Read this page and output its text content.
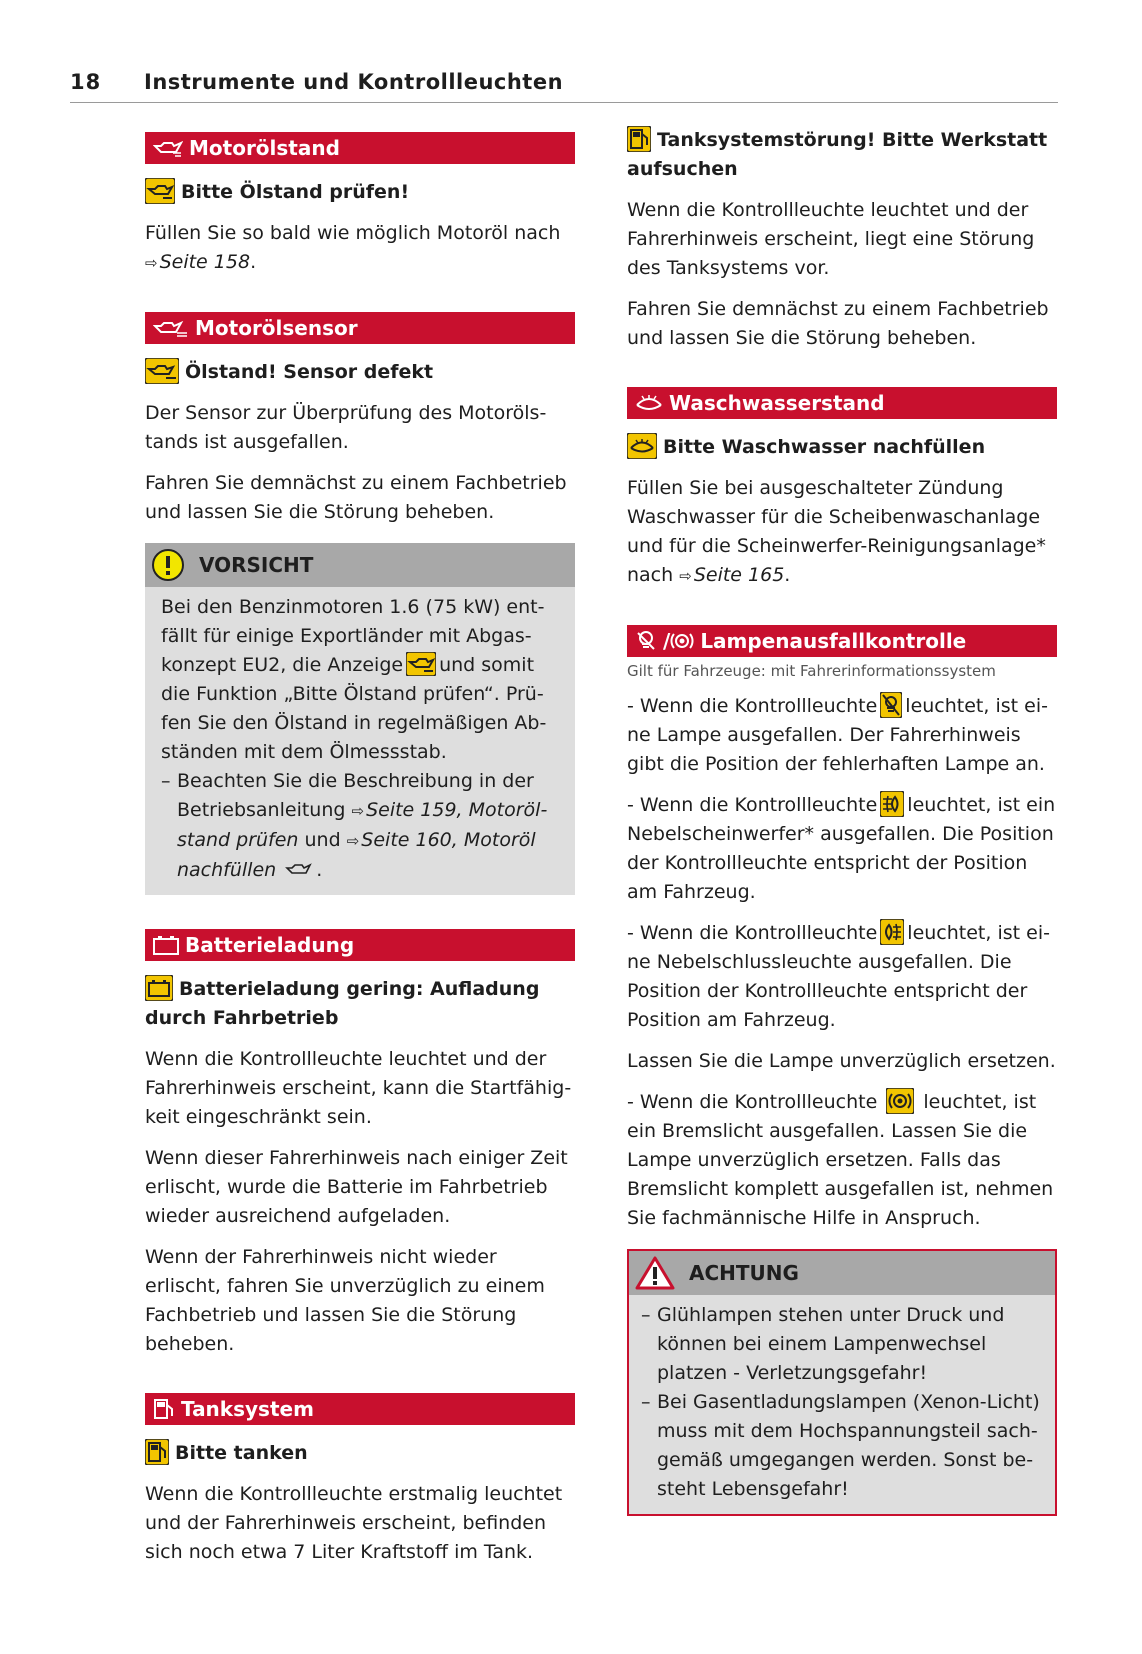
18 Instrumente und Kontrollleuchten
Motorölstand
Bitte Ölstand prüfen!

Füllen Sie so bald wie möglich Motoröl nach
⇨ Seite 158.

Motorölsensor
Ölstand! Sensor defekt

Der Sensor zur Überprüfung des Motorölstands ist ausgefallen.

Fahren Sie demnächst zu einem Fachbetrieb und lassen Sie die Störung beheben.

VORSICHT

Bei den Benzinmotoren 1.6 (75 kW) entfällt für einige Exportländer mit Abgaskonzept EU2, die Anzeige und somit die Funktion „Bitte Ölstand prüfen“. Prüfen Sie den Ölstand in regelmäßigen Abständen mit dem Ölmessstab.

– Beachten Sie die Beschreibung in der Betriebsanleitung ⇨ Seite 159, Motorölstand prüfen und ⇨ Seite 160, Motoröl nachfüllen .
Batterieladung
Batterieladung gering: Aufladung durch Fahrbetrieb

Wenn die Kontrollleuchte leuchtet und der Fahrerhinweis erscheint, kann die Startfähigkeit eingeschränkt sein.

Wenn dieser Fahrerhinweis nach einiger Zeit erlischt, wurde die Batterie im Fahrbetrieb wieder ausreichend aufgeladen.

Wenn der Fahrerhinweis nicht wieder erlischt, fahren Sie unverzüglich zu einem Fachbetrieb und lassen Sie die Störung beheben.

Tanksystem
Bitte tanken

Wenn die Kontrollleuchte erstmalig leuchtet und der Fahrerhinweis erscheint, befinden sich noch etwa 7 Liter Kraftstoff im Tank.

Tanksystemstörung! Bitte Werkstatt aufsuchen

Wenn die Kontrollleuchte leuchtet und der Fahrerhinweis erscheint, liegt eine Störung des Tanksystems vor.

Fahren Sie demnächst zu einem Fachbetrieb und lassen Sie die Störung beheben.

Waschwasserstand
Bitte Waschwasser nachfüllen

Füllen Sie bei ausgeschalteter Zündung Waschwasser für die Scheibenwaschanlage und für die Scheinwerfer-Reinigungsanlage* nach ⇨ Seite 165.

/ Lampenausfallkontrolle
Gilt für Fahrzeuge: mit Fahrerinformationssystem

- Wenn die Kontrollleuchte leuchtet, ist eine Lampe ausgefallen. Der Fahrerhinweis gibt die Position der fehlerhaften Lampe an.

- Wenn die Kontrollleuchte leuchtet, ist ein Nebelscheinwerfer* ausgefallen. Die Position der Kontrollleuchte entspricht der Position am Fahrzeug.

- Wenn die Kontrollleuchte leuchtet, ist eine Nebelschlussleuchte ausgefallen. Die Position der Kontrollleuchte entspricht der Position am Fahrzeug.

Lassen Sie die Lampe unverzüglich ersetzen.

- Wenn die Kontrollleuchte leuchtet, ist ein Bremslicht ausgefallen. Lassen Sie die Lampe unverzüglich ersetzen. Falls das Bremslicht komplett ausgefallen ist, nehmen Sie fachmännische Hilfe in Anspruch.

ACHTUNG
– Glühlampen stehen unter Druck und können bei einem Lampenwechsel platzen - Verletzungsgefahr!
– Bei Gasentladungslampen (Xenon-Licht) muss mit dem Hochspannungsteil sachgemäß umgegangen werden. Sonst besteht Lebensgefahr!
